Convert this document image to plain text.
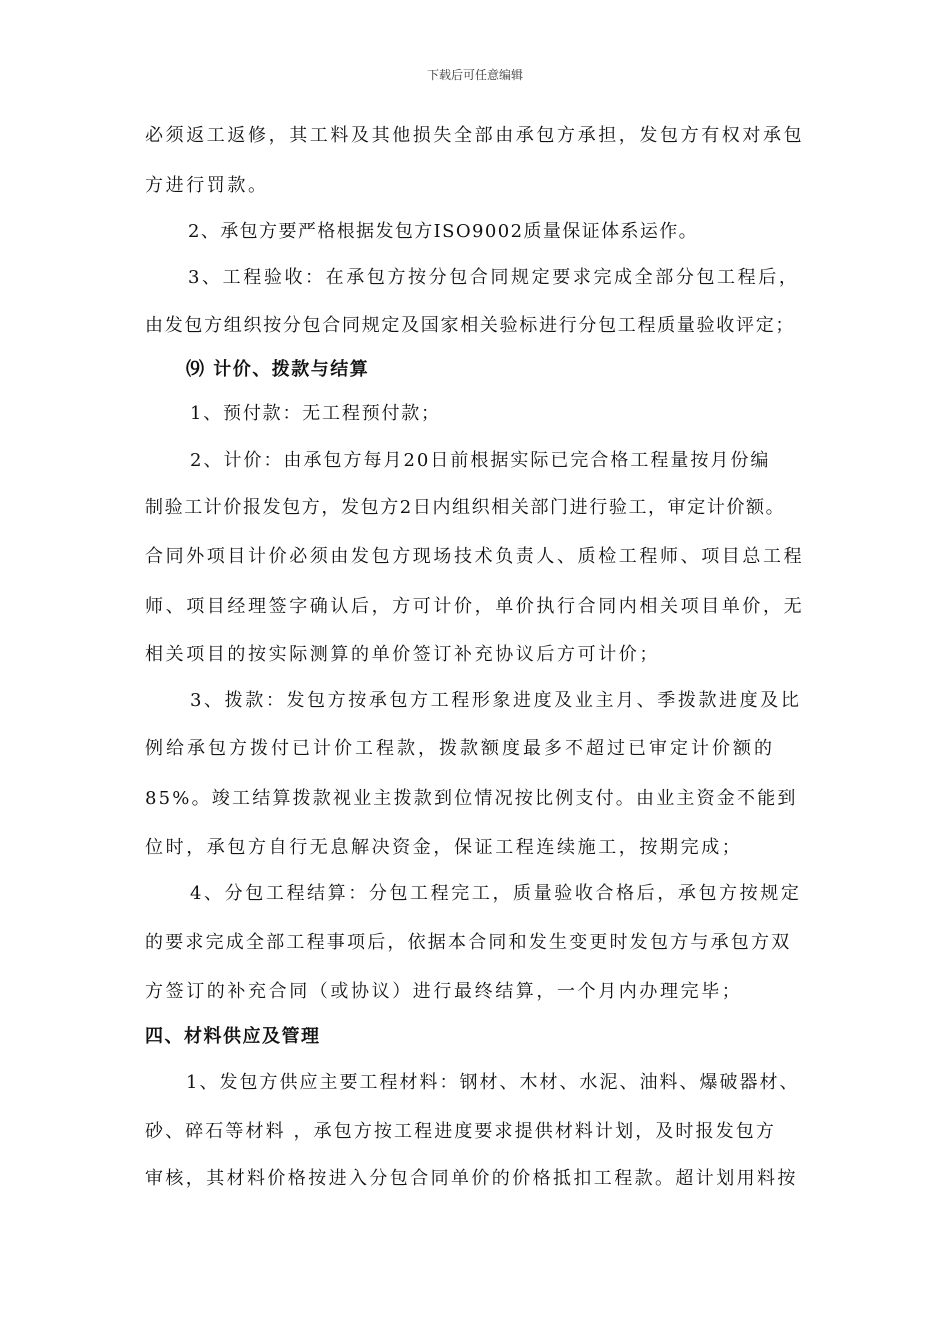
下载后可任意编辑
必须返工返修，其工料及其他损失全部由承包方承担，发包方有权对承包
方进行罚款。
2、承包方要严格根据发包方ISO9002质量保证体系运作。
3、工程验收：在承包方按分包合同规定要求完成全部分包工程后，
由发包方组织按分包合同规定及国家相关验标进行分包工程质量验收评定；
⑼ 计价、拨款与结算
1、预付款：无工程预付款；
2、计价：由承包方每月20日前根据实际已完合格工程量按月份编
制验工计价报发包方，发包方2日内组织相关部门进行验工，审定计价额。
合同外项目计价必须由发包方现场技术负责人、质检工程师、项目总工程
师、项目经理签字确认后，方可计价，单价执行合同内相关项目单价，无
相关项目的按实际测算的单价签订补充协议后方可计价；
3、拨款：发包方按承包方工程形象进度及业主月、季拨款进度及比
例给承包方拨付已计价工程款，拨款额度最多不超过已审定计价额的
85%。竣工结算拨款视业主拨款到位情况按比例支付。由业主资金不能到
位时，承包方自行无息解决资金，保证工程连续施工，按期完成；
4、分包工程结算：分包工程完工，质量验收合格后，承包方按规定
的要求完成全部工程事项后，依据本合同和发生变更时发包方与承包方双
方签订的补充合同（或协议）进行最终结算，一个月内办理完毕；
四、材料供应及管理
1、发包方供应主要工程材料：钢材、木材、水泥、油料、爆破器材、
砂、碎石等材料 ，承包方按工程进度要求提供材料计划，及时报发包方
审核，其材料价格按进入分包合同单价的价格抵扣工程款。超计划用料按
